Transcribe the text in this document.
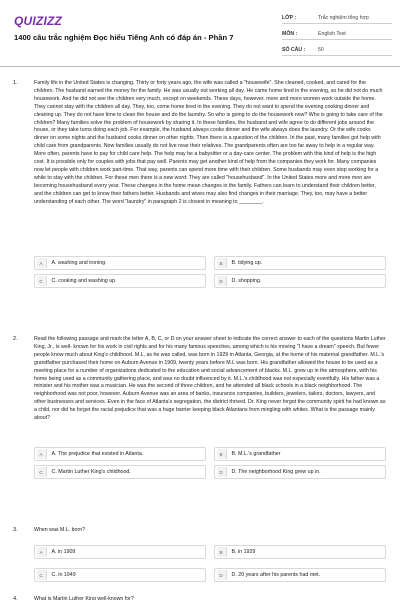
QUIZIZZ
1400 câu trắc nghiệm Đọc hiểu Tiếng Anh có đáp án - Phần 7
LỚP :	Trắc nghiệm tổng hợp
MÔN :	English Test
SỐ CÂU :	50
1.	Family life in the United States is changing. Thirty or forty years ago, the wife was called a "housewife". She cleaned, cooked, and cared for the children. The husband earned the money for the family. He was usually out working all day. He came home tired in the evening, so he did not do much housework. And he did not see the children very much, except on weekends. These days, however, more and more women work outside the home. They cannot stay with the children all day. They, too, come home tired in the evening. They do not want to spend the evening cooking dinner and cleaning up. They do not have time to clean the house and do the laundry. So who is going to do the housework now? Who is going to take care of the children? Many families solve the problem of housework by sharing it. In these families, the husband and wife agree to do different jobs around the house, or they take turns doing each job. For example, the husband always cooks dinner and the wife always does the laundry. Or the wife cooks dinner on some nights and the husband cooks dinner on other nights. Then there is a question of the children. In the past, many families got help with child care from grandparents. Now families usually do not live near their relatives. The grandparents often are too far away to help in a regular way. More often, parents have to pay for child care help. The help may be a babysitter or a day-care center. The problem with this kind of help is the high cost. It is possible only for couples with jobs that pay well. Parents may get another kind of help from the companies they work for. Many companies now let people with children work part-time. That way, parents can spend more time with their children. Some husbands may even stop working for a while to stay with the children. For these men there is a new word: They are called "househusband". In the United States more and more men are becoming househusband every year. These changes in the home mean changes in the family. Fathers can learn to understand their children better, and the children can get to know their fathers better. Husbands and wives may also find changes in their marriage. They, too, may have a better understanding of each other. The word "laundry" in paragraph 2 is closest in meaning to ________.
A	A. washing and ironing.	B	B. tidying up.
C	C. cooking and washing up.	D	D. shopping.
2.	Read the following passage and mark the letter A, B, C, or D on your answer sheet to indicate the correct answer to each of the questions Martin Luther King, Jr., is well- known for his work in civil rights and for his many famous speeches, among which is his moving "I have a dream" speech. But fewer people know much about King's childhood. M.L, as he was called, was born in 1929 in Atlanta, Georgia, at the home of his maternal grandfather. M.L.'s grandfather purchased their home on Auburn Avenue in 1909, twenty years before M.L was born. His grandfather allowed the house to be used as a meeting place for a number of organizations dedicated to the education and social advancement of blacks. M.L. grew up in the atmosphere, with his home being used as a community gathering place, and was no doubt influenced by it. M.L.'s childhood was not especially eventfully. His father was a minister and his mother was a musician. He was the second of three children, and he attended all black schools in a black neighborhood. The neighborhood was not poor, however. Auburn Avenue was an area of banks, insurance companies, builders, jewelers, tailors, doctors, lawyers, and other businesses and services. Even in the face of Atlanta's segregation, the district thrived. Dr. King never forgot the community spirit he had known as a child, nor did he forget the racial prejudice that was a huge barrier keeping black Atlantans from mingling with whites. What is the passage mainly about?
A	A. The prejudice that existed in Atlanta.	B	B. M.L.'s grandfather
C	C. Martin Luther King's childhood.	D	D. The neighborhood King grew up in.
3.	When was M.L. born?
A	A. in 1909	B	B. in 1929
C	C. in 1949	D	D. 20 years after his parents had met.
4.	What is Martin Luther King well-known for?
